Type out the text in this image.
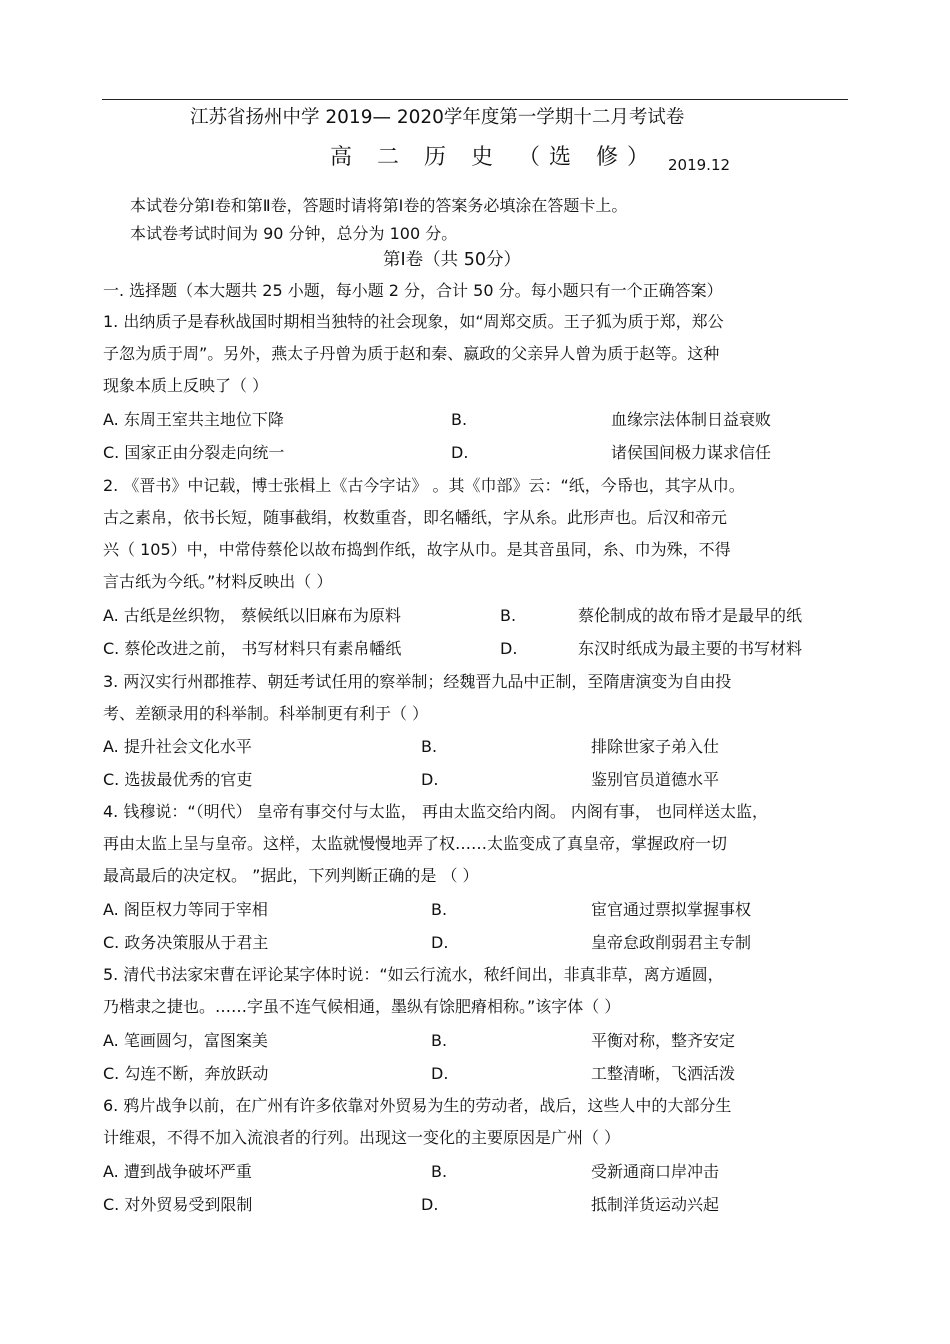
江苏省扬州中学 2019— 2020学年度第一学期十二月考试卷
高 二 历 史 （选 修） 2019.12
本试卷分第Ⅰ卷和第Ⅱ卷，答题时请将第Ⅰ卷的答案务必填涂在答题卡上。
本试卷考试时间为 90 分钟，总分为 100 分。
第Ⅰ卷（共 50分）
一. 选择题（本大题共 25 小题，每小题 2 分，合计 50 分。每小题只有一个正确答案）
1. 出纳质子是春秋战国时期相当独特的社会现象，如“周郑交质。王子狐为质于郑，郑公
子忽为质于周”。另外，燕太子丹曾为质于赵和秦、嬴政的父亲异人曾为质于赵等。这种
现象本质上反映了（ ）
A. 东周王室共主地位下降	B.	血缘宗法体制日益衰败
C. 国家正由分裂走向统一	D.	诸侯国间极力谋求信任
2. 《晋书》中记载，博士张楫上《古今字诂》 。其《巾部》云：“纸，今帋也，其字从巾。
古之素帛，依书长短，随事截绢，枚数重沓，即名幡纸，字从糸。此形声也。后汉和帝元
兴（ 105）中，中常侍蔡伦以故布捣剉作纸，故字从巾。是其音虽同，糸、巾为殊，不得
言古纸为今纸。”材料反映出（ ）
A. 古纸是丝织物， 蔡候纸以旧麻布为原料	B.	蔡伦制成的故布帋才是最早的纸
C. 蔡伦改进之前， 书写材料只有素帛幡纸	D.	东汉时纸成为最主要的书写材料
3. 两汉实行州郡推荐、朝廷考试任用的察举制；经魏晋九品中正制，至隋唐演变为自由投
考、差额录用的科举制。科举制更有利于（ ）
A. 提升社会文化水平	B.	排除世家子弟入仕
C. 选拔最优秀的官吏	D.	鉴别官员道德水平
4. 钱穆说：“（明代） 皇帝有事交付与太监， 再由太监交给内阁。 内阁有事， 也同样送太监，
再由太监上呈与皇帝。这样，太监就慢慢地弄了权……太监变成了真皇帝，掌握政府一切
最高最后的决定权。 ”据此，下列判断正确的是 （ ）
A. 阁臣权力等同于宰相	B.	宦官通过票拟掌握事权
C. 政务决策服从于君主	D.	皇帝怠政削弱君主专制
5. 清代书法家宋曹在评论某字体时说：“如云行流水，秾纤间出，非真非草，离方遁圆，
乃楷隶之捷也。……字虽不连气候相通，墨纵有馀肥瘠相称。”该字体（ ）
A. 笔画圆匀，富图案美	B.	平衡对称，整齐安定
C. 勾连不断，奔放跃动	D.	工整清晰，飞洒活泼
6. 鸦片战争以前，在广州有许多依靠对外贸易为生的劳动者，战后，这些人中的大部分生
计维艰，不得不加入流浪者的行列。出现这一变化的主要原因是广州（ ）
A. 遭到战争破坏严重	B.	受新通商口岸冲击
C. 对外贸易受到限制	D.	抵制洋货运动兴起
